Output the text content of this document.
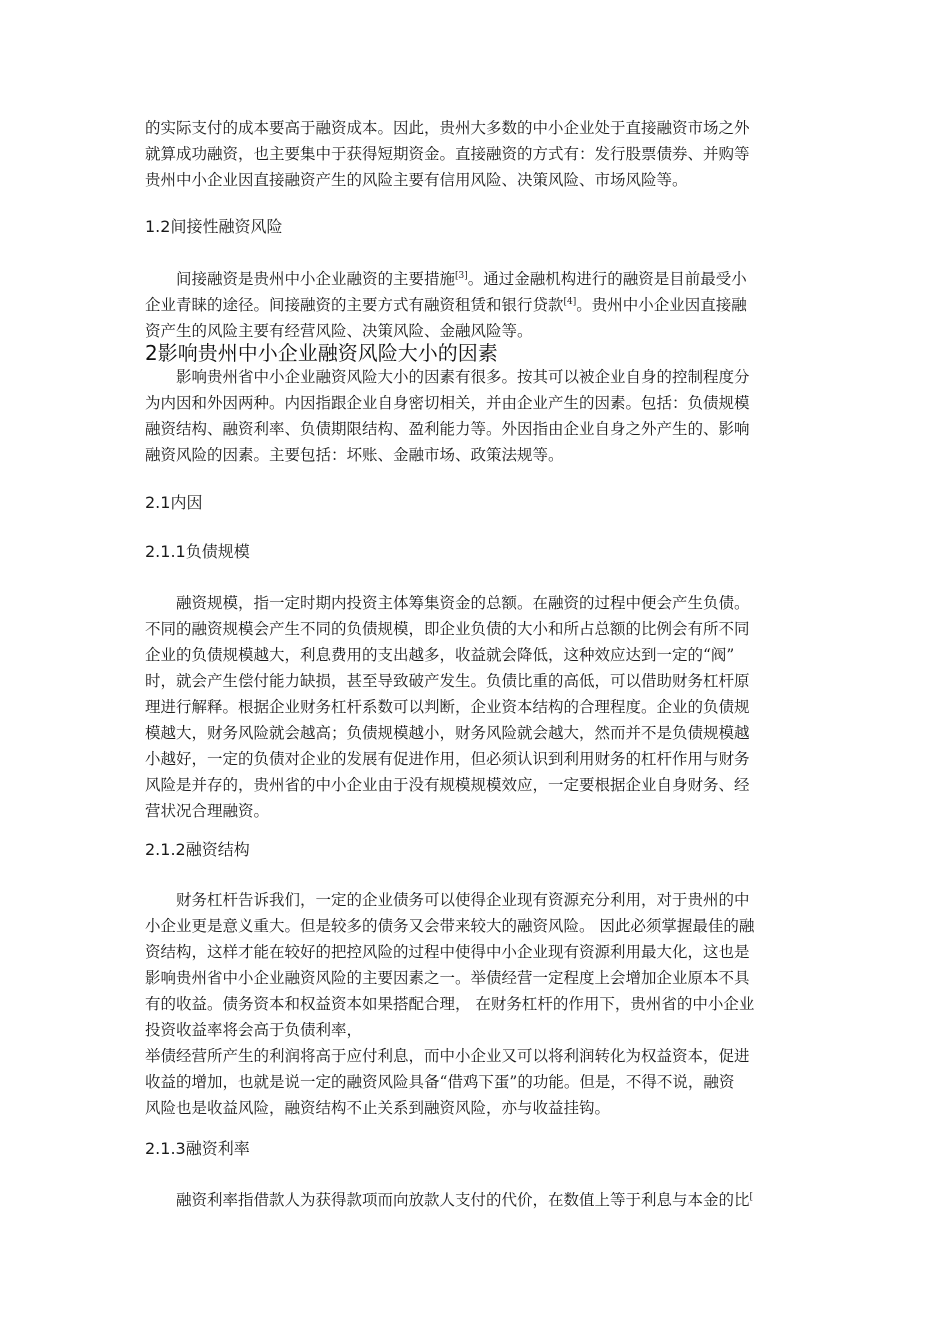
的实际支付的成本要高于融资成本。因此，贵州大多数的中小企业处于直接融资市场之外
就算成功融资，也主要集中于获得短期资金。直接融资的方式有：发行股票债券、并购等
贵州中小企业因直接融资产生的风险主要有信用风险、决策风险、市场风险等。
1.2间接性融资风险
间接融资是贵州中小企业融资的主要措施[3]。通过金融机构进行的融资是目前最受小
企业青睐的途径。间接融资的主要方式有融资租赁和银行贷款[4]。贵州中小企业因直接融
资产生的风险主要有经营风险、决策风险、金融风险等。
2影响贵州中小企业融资风险大小的因素
影响贵州省中小企业融资风险大小的因素有很多。按其可以被企业自身的控制程度分
为内因和外因两种。内因指跟企业自身密切相关，并由企业产生的因素。包括：负债规模
融资结构、融资利率、负债期限结构、盈利能力等。外因指由企业自身之外产生的、影响
融资风险的因素。主要包括：坏账、金融市场、政策法规等。
2.1内因
2.1.1负债规模
融资规模，指一定时期内投资主体筹集资金的总额。在融资的过程中便会产生负债。
不同的融资规模会产生不同的负债规模，即企业负债的大小和所占总额的比例会有所不同
企业的负债规模越大，利息费用的支出越多，收益就会降低，这种效应达到一定的“阀”
时，就会产生偿付能力缺损，甚至导致破产发生。负债比重的高低，可以借助财务杠杆原
理进行解释。根据企业财务杠杆系数可以判断，企业资本结构的合理程度。企业的负债规
模越大，财务风险就会越高；负债规模越小，财务风险就会越大，然而并不是负债规模越
小越好，一定的负债对企业的发展有促进作用，但必须认识到利用财务的杠杆作用与财务
风险是并存的，贵州省的中小企业由于没有规模规模效应，一定要根据企业自身财务、经
营状况合理融资。
2.1.2融资结构
财务杠杆告诉我们，一定的企业债务可以使得企业现有资源充分利用，对于贵州的中
小企业更是意义重大。但是较多的债务又会带来较大的融资风险。 因此必须掌握最佳的融
资结构，这样才能在较好的把控风险的过程中使得中小企业现有资源利用最大化，这也是
影响贵州省中小企业融资风险的主要因素之一。举债经营一定程度上会增加企业原本不具
有的收益。债务资本和权益资本如果搭配合理， 在财务杠杆的作用下，贵州省的中小企业
投资收益率将会高于负债利率，
举债经营所产生的利润将高于应付利息，而中小企业又可以将利润转化为权益资本，促进
收益的增加，也就是说一定的融资风险具备“借鸡下蛋”的功能。但是，不得不说，融资
风险也是收益风险，融资结构不止关系到融资风险，亦与收益挂钩。
2.1.3融资利率
融资利率指借款人为获得款项而向放款人支付的代价，在数值上等于利息与本金的比[
